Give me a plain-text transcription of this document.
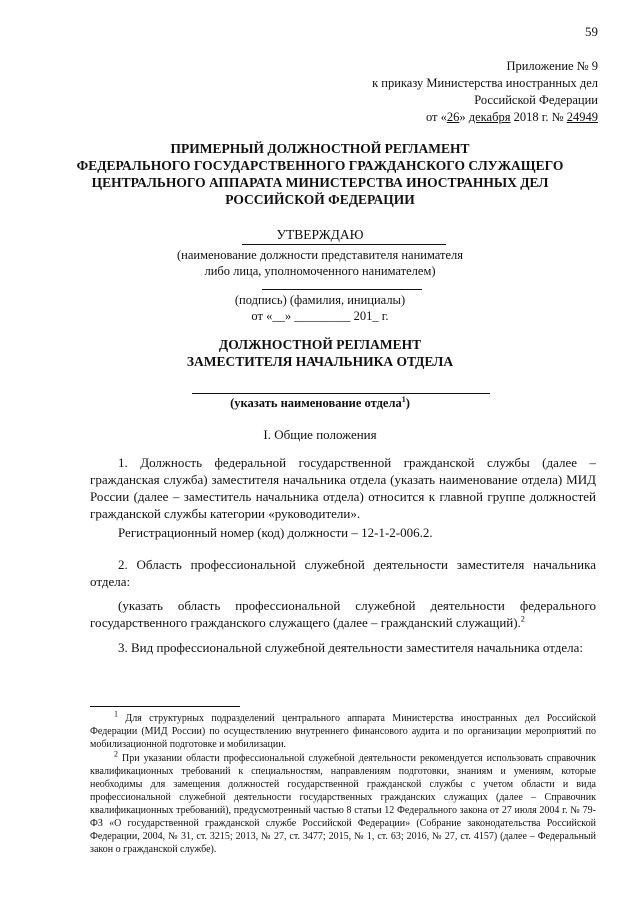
59
Приложение № 9
к приказу Министерства иностранных дел
Российской Федерации
от «26» декабря 2018 г. № 24949
ПРИМЕРНЫЙ ДОЛЖНОСТНОЙ РЕГЛАМЕНТ
ФЕДЕРАЛЬНОГО ГОСУДАРСТВЕННОГО ГРАЖДАНСКОГО СЛУЖАЩЕГО
ЦЕНТРАЛЬНОГО АППАРАТА МИНИСТЕРСТВА ИНОСТРАННЫХ ДЕЛ
РОССИЙСКОЙ ФЕДЕРАЦИИ
УТВЕРЖДАЮ
(наименование должности представителя нанимателя
либо лица, уполномоченного нанимателем)
(подпись) (фамилия, инициалы)
от «__» _________ 201_ г.
ДОЛЖНОСТНОЙ РЕГЛАМЕНТ
ЗАМЕСТИТЕЛЯ НАЧАЛЬНИКА ОТДЕЛА
(указать наименование отдела$^1$)
I. Общие положения
1. Должность федеральной государственной гражданской службы (далее – гражданская служба) заместителя начальника отдела (указать наименование отдела) МИД России (далее – заместитель начальника отдела) относится к главной группе должностей гражданской службы категории «руководители».
Регистрационный номер (код) должности – 12-1-2-006.2.
2. Область профессиональной служебной деятельности заместителя начальника отдела:
(указать область профессиональной служебной деятельности федерального государственного гражданского служащего (далее – гражданский служащий).$^2$
3. Вид профессиональной служебной деятельности заместителя начальника отдела:
$^1$ Для структурных подразделений центрального аппарата Министерства иностранных дел Российской Федерации (МИД России) по осуществлению внутреннего финансового аудита и по организации мероприятий по мобилизационной подготовке и мобилизации.
$^2$ При указании области профессиональной служебной деятельности рекомендуется использовать справочник квалификационных требований к специальностям, направлениям подготовки, знаниям и умениям, которые необходимы для замещения должностей государственной гражданской службы с учетом области и вида профессиональной служебной деятельности государственных гражданских служащих (далее – Справочник квалификационных требований), предусмотренный частью 8 статьи 12 Федерального закона от 27 июля 2004 г. № 79-ФЗ «О государственной гражданской службе Российской Федерации» (Собрание законодательства Российской Федерации, 2004, № 31, ст. 3215; 2013, № 27, ст. 3477; 2015, № 1, ст. 63; 2016, № 27, ст. 4157) (далее – Федеральный закон о гражданской службе).
